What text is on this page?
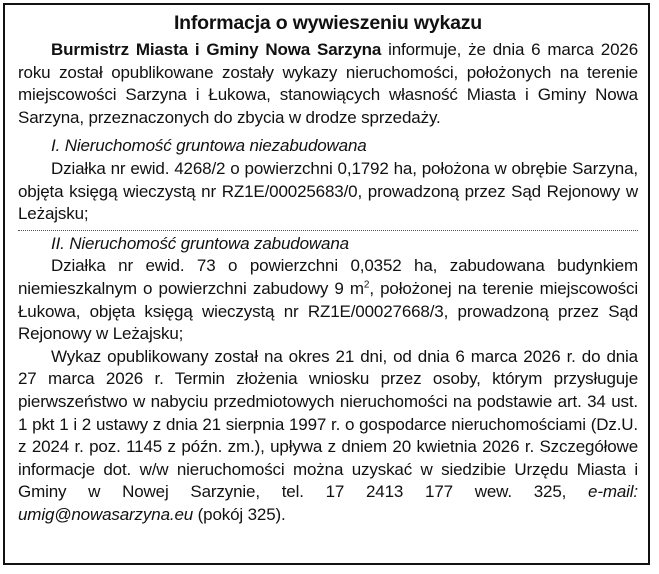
Informacja o wywieszeniu wykazu

Burmistrz Miasta i Gminy Nowa Sarzyna informuje, że dnia 6 marca 2026 roku został opublikowane zostały wykazy nieruchomości, położonych na terenie miejscowości Sarzyna i Łukowa, stanowiących własność Miasta i Gminy Nowa Sarzyna, przeznaczonych do zbycia w drodze sprzedaży.

I. Nieruchomość gruntowa niezabudowana

Działka nr ewid. 4268/2 o powierzchni 0,1792 ha, położona w obrębie Sarzyna, objęta księgą wieczystą nr RZ1E/00025683/0, prowadzoną przez Sąd Rejonowy w Leżajsku;

II. Nieruchomość gruntowa zabudowana

Działka nr ewid. 73 o powierzchni 0,0352 ha, zabudowana budynkiem niemieszkalnym o powierzchni zabudowy 9 $m^2$, położonej na terenie miejscowości Łukowa, objęta księgą wieczystą nr RZ1E/00027668/3, prowadzoną przez Sąd Rejonowy w Leżajsku;

Wykaz opublikowany został na okres 21 dni, od dnia 6 marca 2026 r. do dnia 27 marca 2026 r. Termin złożenia wniosku przez osoby, którym przysługuje pierwszeństwo w nabyciu przedmiotowych nieruchomości na podstawie art. 34 ust. 1 pkt 1 i 2 ustawy z dnia 21 sierpnia 1997 r. o gospodarce nieruchomościami (Dz.U. z 2024 r. poz. 1145 z późn. zm.), upływa z dniem 20 kwietnia 2026 r. Szczegółowe informacje dot. w/w nieruchomości można uzyskać w siedzibie Urzędu Miasta i Gminy w Nowej Sarzynie, tel. 17 2413 177 wew. 325, e-mail: umig@nowasarzyna.eu (pokój 325).
